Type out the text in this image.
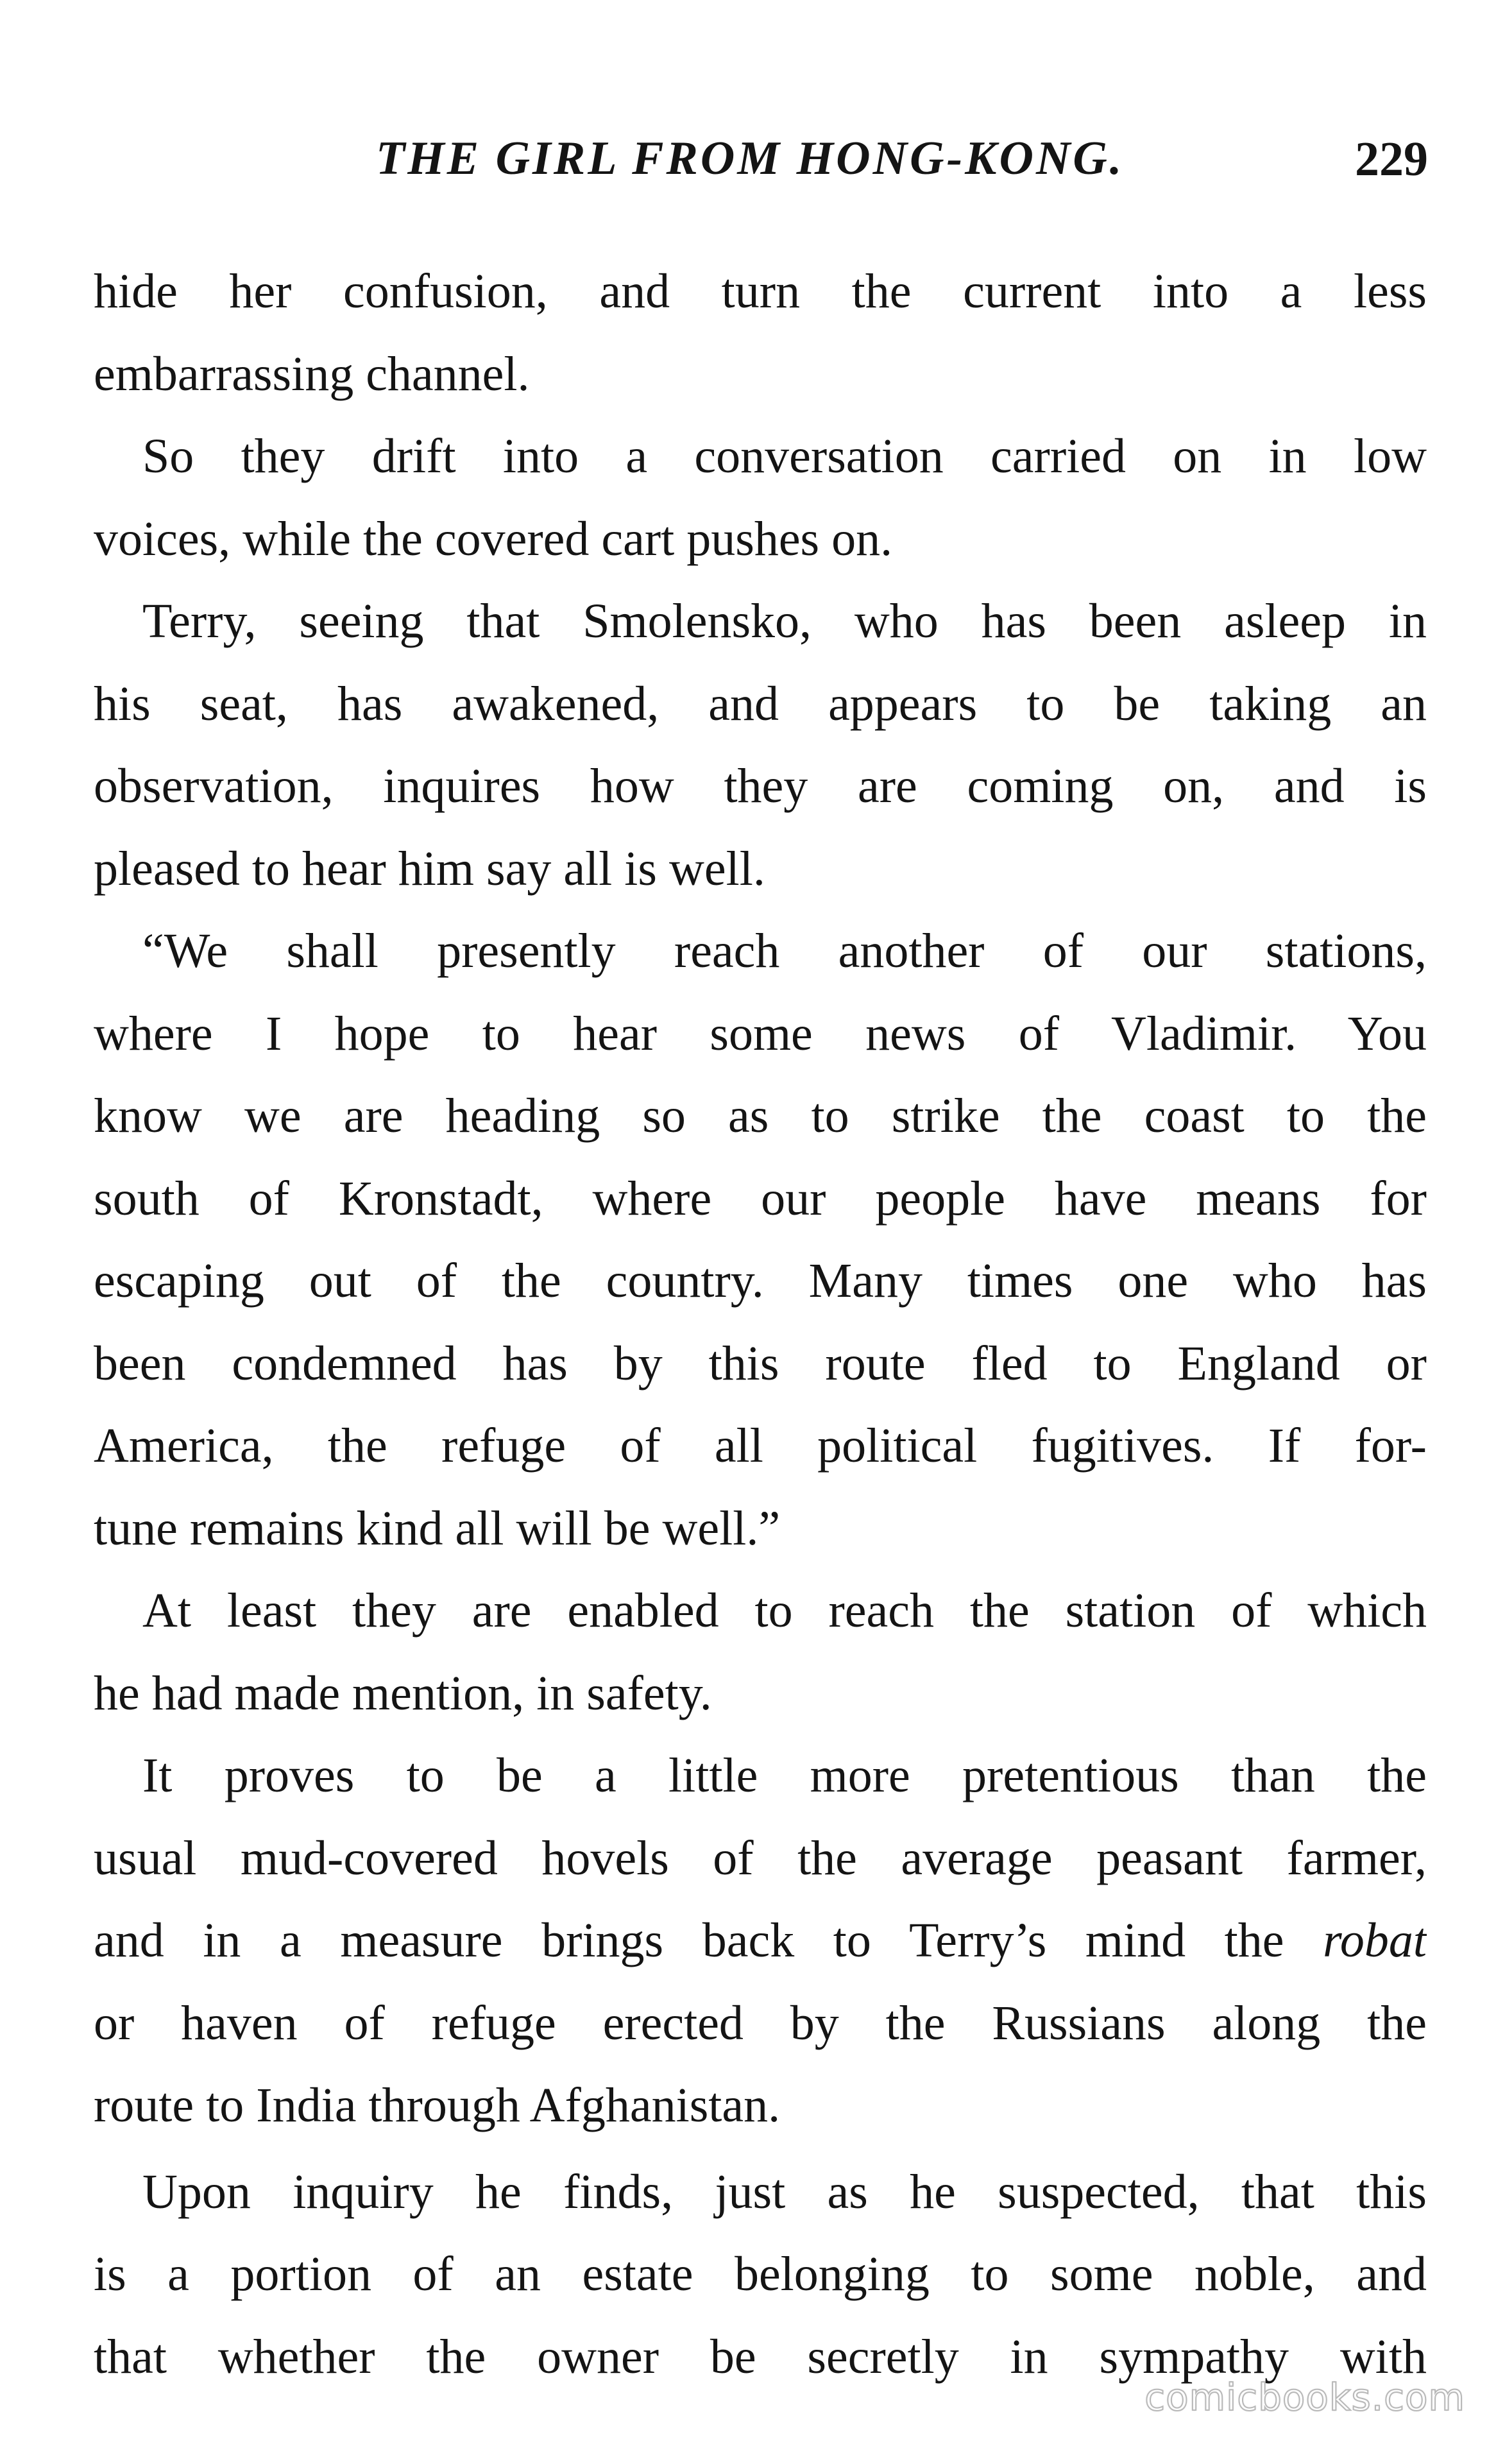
THE GIRL FROM HONG-KONG.	229
hide her confusion, and turn the current into a less
embarrassing channel.
So they drift into a conversation carried on in low
voices, while the covered cart pushes on.
Terry, seeing that Smolensko, who has been asleep in
his seat, has awakened, and appears to be taking an
observation, inquires how they are coming on, and is
pleased to hear him say all is well.
“We shall presently reach another of our stations,
where I hope to hear some news of Vladimir. You
know we are heading so as to strike the coast to the
south of Kronstadt, where our people have means for
escaping out of the country. Many times one who has
been condemned has by this route fled to England or
America, the refuge of all political fugitives. If for-
tune remains kind all will be well.”
At least they are enabled to reach the station of which
he had made mention, in safety.
It proves to be a little more pretentious than the
usual mud-covered hovels of the average peasant farmer,
and in a measure brings back to Terry’s mind the robat
or haven of refuge erected by the Russians along the
route to India through Afghanistan.
Upon inquiry he finds, just as he suspected, that this
is a portion of an estate belonging to some noble, and
that whether the owner be secretly in sympathy with
comicbooks.com
